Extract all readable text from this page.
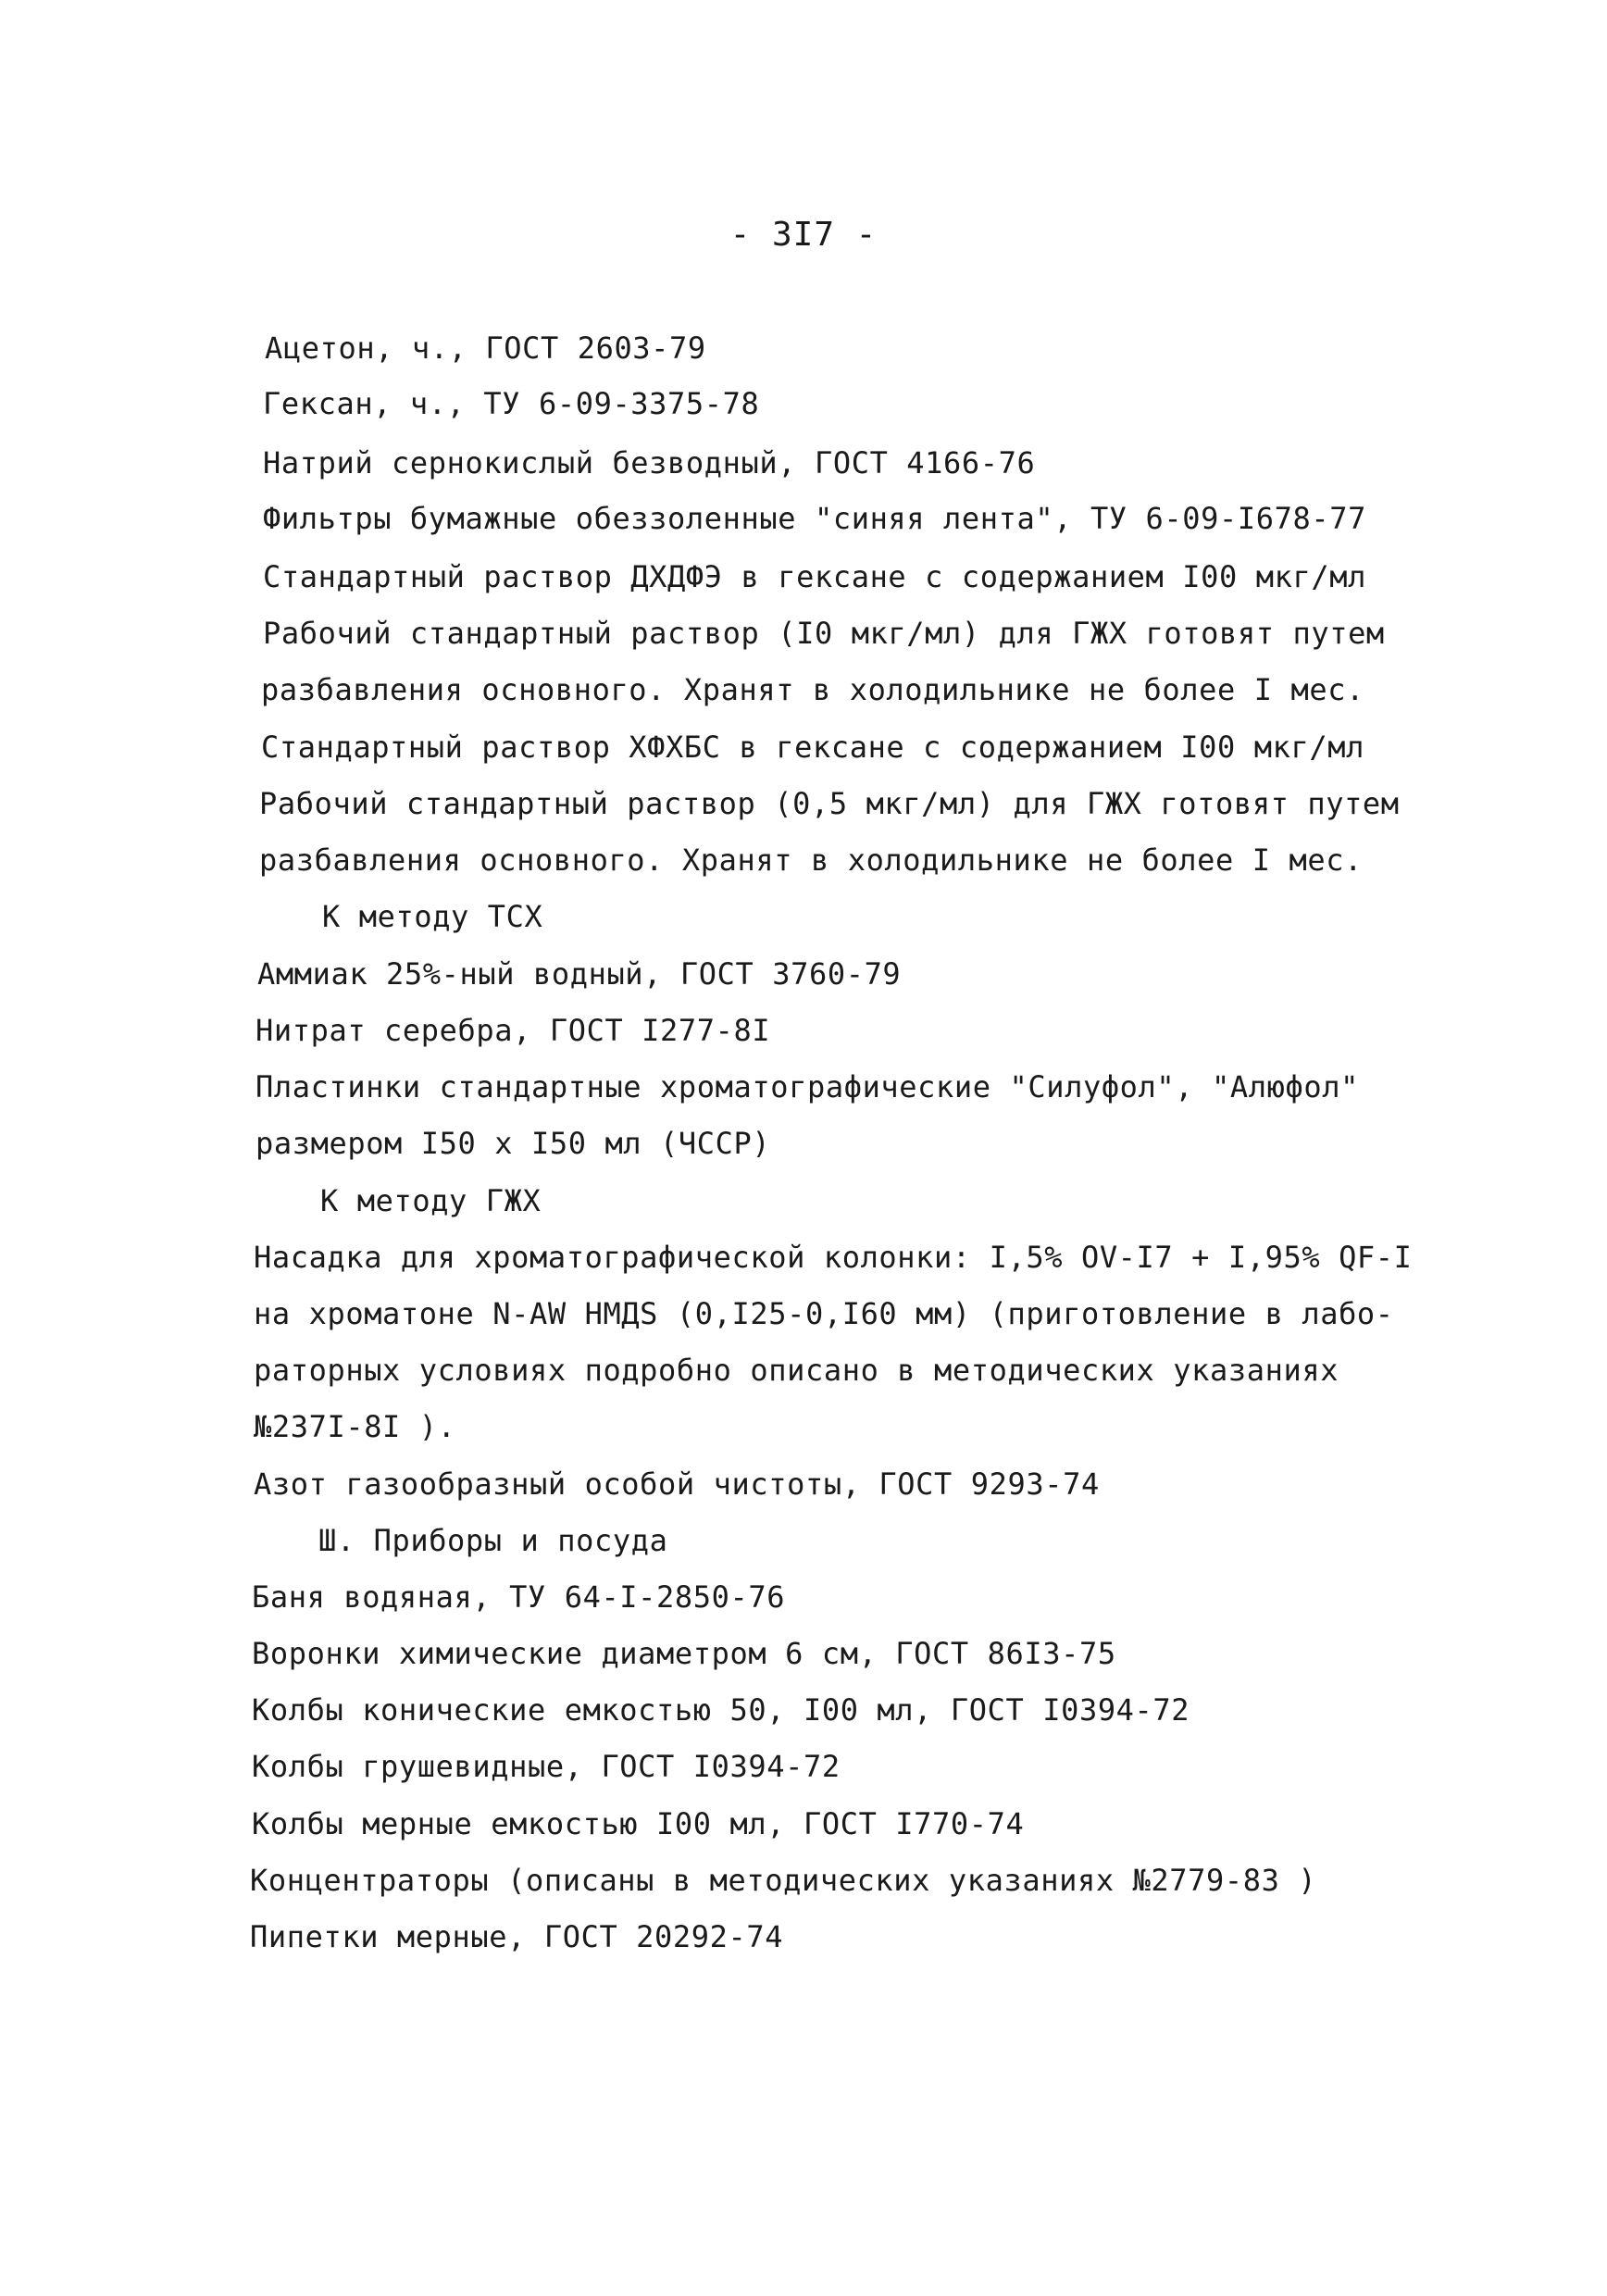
- 3I7 -
Ацетон, ч., ГОСТ 2603-79
Гексан, ч., ТУ 6-09-3375-78
Натрий сернокислый безводный, ГОСТ 4166-76
Фильтры бумажные обеззоленные "синяя лента", ТУ 6-09-I678-77
Стандартный раствор ДХДФЭ в гексане с содержанием I00 мкг/мл
Рабочий стандартный раствор (I0 мкг/мл) для ГЖХ готовят путем
разбавления основного. Хранят в холодильнике не более I мес.
Стандартный раствор ХФХБС в гексане с содержанием I00 мкг/мл
Рабочий стандартный раствор (0,5 мкг/мл) для ГЖХ готовят путем
разбавления основного. Хранят в холодильнике не более I мес.
К методу ТСХ
Аммиак 25%-ный водный, ГОСТ 3760-79
Нитрат серебра, ГОСТ I277-8I
Пластинки стандартные хроматографические "Силуфол", "Алюфол"
размером I50 х I50 мл (ЧССР)
К методу ГЖХ
Насадка для хроматографической колонки: I,5% OV-I7 + I,95% QF-I
на хроматоне N-AW HMДS (0,I25-0,I60 мм) (приготовление в лабо-
раторных условиях подробно описано в методических указаниях
№237I-8I ).
Азот газообразный особой чистоты, ГОСТ 9293-74
Ш. Приборы и посуда
Баня водяная, ТУ 64-I-2850-76
Воронки химические диаметром 6 см, ГОСТ 86I3-75
Колбы конические емкостью 50, I00 мл, ГОСТ I0394-72
Колбы грушевидные, ГОСТ I0394-72
Колбы мерные емкостью I00 мл, ГОСТ I770-74
Концентраторы (описаны в методических указаниях №2779-83 )
Пипетки мерные, ГОСТ 20292-74
